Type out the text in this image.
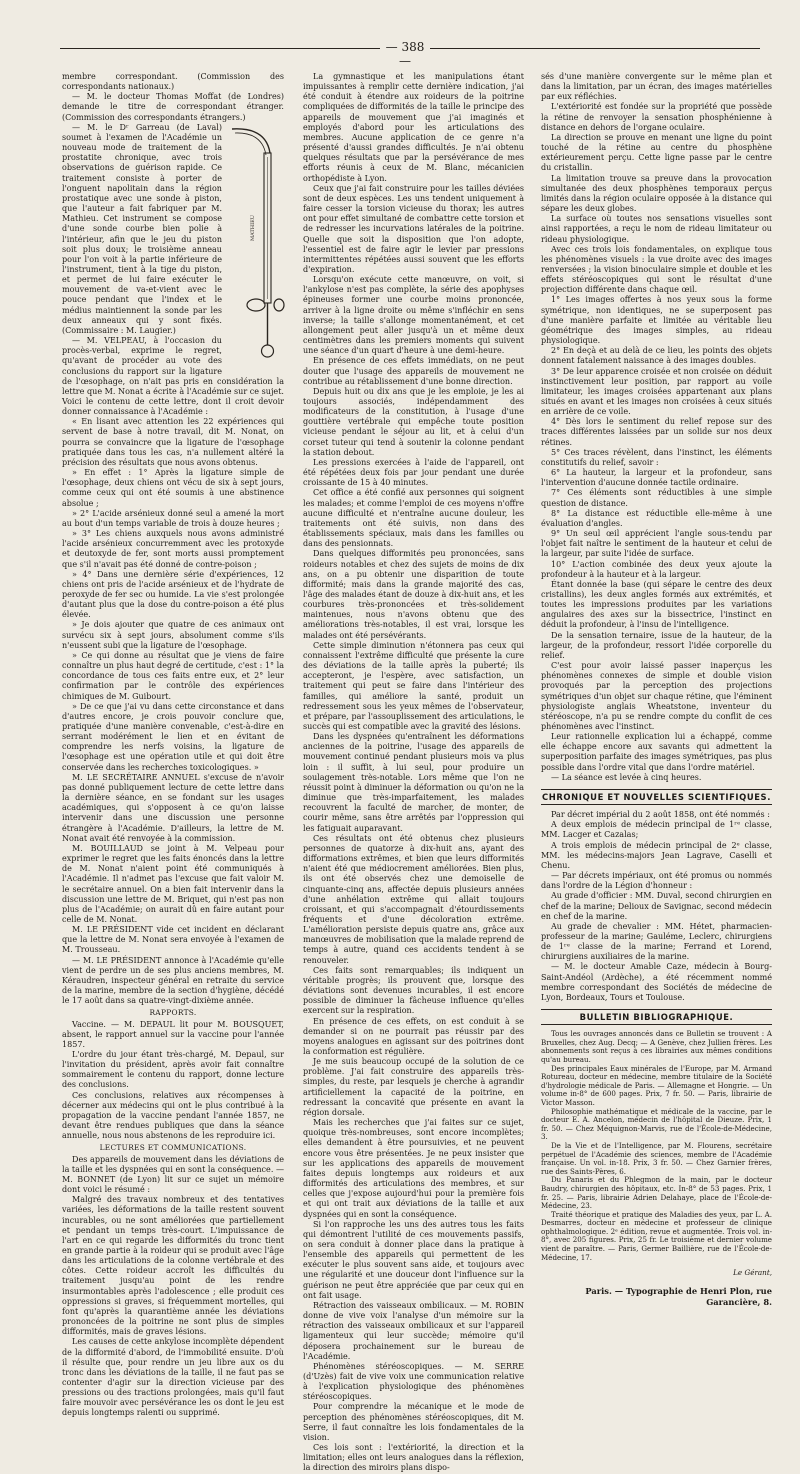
— 388 —

membre correspondant. (Commission des correspondants nationaux.)

— M. le docteur Thomas Moffat (de Londres) demande le titre de correspondant étranger. (Commission des correspondants étrangers.)

MATHIEU

— M. le Dʳ Garreau (de Laval) soumet à l'examen de l'Académie un nouveau mode de traitement de la prostatite chronique, avec trois observations de guérison rapide. Ce traitement consiste à porter de l'onguent napolitain dans la région prostatique avec une sonde à piston, que l'auteur a fait fabriquer par M. Mathieu. Cet instrument se compose d'une sonde courbe bien polie à l'intérieur, afin que le jeu du piston soit plus doux; le troisième anneau pour l'on voit à la partie inférieure de l'instrument, tient à la tige du piston, et permet de lui faire exécuter le mouvement de va-et-vient avec le pouce pendant que l'index et le médius maintiennent la sonde par les deux anneaux qui y sont fixés. (Commissaire : M. Laugier.)

— M. VELPEAU, à l'occasion du procès-verbal, exprime le regret, qu'avant de procéder au vote des conclusions du rapport sur la ligature de l'œsophage, on n'ait pas pris en considération la lettre que M. Nonat a écrite à l'Académie sur ce sujet. Voici le contenu de cette lettre, dont il croit devoir donner connaissance à l'Académie :

« En lisant avec attention les 22 expériences qui servent de base à notre travail, dit M. Nonat, on pourra se convaincre que la ligature de l'œsophage pratiquée dans tous les cas, n'a nullement altéré la précision des résultats que nous avons obtenus.

» En effet : 1° Après la ligature simple de l'œsophage, deux chiens ont vécu de six à sept jours, comme ceux qui ont été soumis à une abstinence absolue ;

» 2° L'acide arsénieux donné seul a amené la mort au bout d'un temps variable de trois à douze heures ;

» 3° Les chiens auxquels nous avons administré l'acide arsénieux concurremment avec les protoxyde et deutoxyde de fer, sont morts aussi promptement que s'il n'avait pas été donné de contre-poison ;

» 4° Dans une dernière série d'expériences, 12 chiens ont pris de l'acide arsénieux et de l'hydrate de peroxyde de fer sec ou humide. La vie s'est prolongée d'autant plus que la dose du contre-poison a été plus élevée.

» Je dois ajouter que quatre de ces animaux ont survécu six à sept jours, absolument comme s'ils n'eussent subi que la ligature de l'œsophage.

» Ce qui donne au résultat que je viens de faire connaître un plus haut degré de certitude, c'est : 1° la concordance de tous ces faits entre eux, et 2° leur confirmation par le contrôle des expériences chimiques de M. Guibourt.

» De ce que j'ai vu dans cette circonstance et dans d'autres encore, je crois pouvoir conclure que, pratiquée d'une manière convenable, c'est-à-dire en serrant modérément le lien et en évitant de comprendre les nerfs voisins, la ligature de l'œsophage est une opération utile et qui doit être conservée dans les recherches toxicologiques. »

M. LE SECRÉTAIRE ANNUEL s'excuse de n'avoir pas donné publiquement lecture de cette lettre dans la dernière séance, en se fondant sur les usages académiques, qui s'opposent à ce qu'on laisse intervenir dans une discussion une personne étrangère à l'Académie. D'ailleurs, la lettre de M. Nonat avait été renvoyée à la commission.

M. BOUILLAUD se joint à M. Velpeau pour exprimer le regret que les faits énoncés dans la lettre de M. Nonat n'aient point été communiqués à l'Académie. Il n'admet pas l'excuse que fait valoir M. le secrétaire annuel. On a bien fait intervenir dans la discussion une lettre de M. Briquet, qui n'est pas non plus de l'Académie; on aurait dû en faire autant pour celle de M. Nonat.

M. LE PRÉSIDENT vide cet incident en déclarant que la lettre de M. Nonat sera envoyée à l'examen de M. Trousseau.

— M. LE PRÉSIDENT annonce à l'Académie qu'elle vient de perdre un de ses plus anciens membres, M. Kéraudren, inspecteur général en retraite du service de la marine, membre de la section d'hygiène, décédé le 17 août dans sa quatre-vingt-dixième année.

RAPPORTS.

Vaccine. — M. DEPAUL lit pour M. BOUSQUET, absent, le rapport annuel sur la vaccine pour l'année 1857.

L'ordre du jour étant très-chargé, M. Depaul, sur l'invitation du président, après avoir fait connaître sommairement le contenu du rapport, donne lecture des conclusions.

Ces conclusions, relatives aux récompenses à décerner aux médecins qui ont le plus contribué à la propagation de la vaccine pendant l'année 1857, ne devant être rendues publiques que dans la séance annuelle, nous nous abstenons de les reproduire ici.

LECTURES ET COMMUNICATIONS.

Des appareils de mouvement dans les déviations de la taille et les dyspnées qui en sont la conséquence. — M. BONNET (de Lyon) lit sur ce sujet un mémoire dont voici le résumé :

Malgré des travaux nombreux et des tentatives variées, les déformations de la taille restent souvent incurables, ou ne sont améliorées que partiellement et pendant un temps très-court. L'impuissance de l'art en ce qui regarde les difformités du tronc tient en grande partie à la roideur qui se produit avec l'âge dans les articulations de la colonne vertébrale et des côtes. Cette roideur accroît les difficultés du traitement jusqu'au point de les rendre insurmontables après l'adolescence ; elle produit ces oppressions si graves, si fréquemment mortelles, qui font qu'après la quarantième année les déviations prononcées de la poitrine ne sont plus de simples difformités, mais de graves lésions.

Les causes de cette ankylose incomplète dépendent de la difformité d'abord, de l'immobilité ensuite. D'où il résulte que, pour rendre un jeu libre aux os du tronc dans les déviations de la taille, il ne faut pas se contenter d'agir sur la direction vicieuse par des pressions ou des tractions prolongées, mais qu'il faut faire mouvoir avec persévérance les os dont le jeu est depuis longtemps ralenti ou supprimé.

La gymnastique et les manipulations étant impuissantes à remplir cette dernière indication, j'ai été conduit à étendre aux roideurs de la poitrine compliquées de difformités de la taille le principe des appareils de mouvement que j'ai imaginés et employés d'abord pour les articulations des membres. Aucune application de ce genre n'a présenté d'aussi grandes difficultés. Je n'ai obtenu quelques résultats que par la persévérance de mes efforts réunis à ceux de M. Blanc, mécanicien orthopédiste à Lyon.

Ceux que j'ai fait construire pour les tailles déviées sont de deux espèces. Les uns tendent uniquement à faire cesser la torsion vicieuse du thorax; les autres ont pour effet simultané de combattre cette torsion et de redresser les incurvations latérales de la poitrine. Quelle que soit la disposition que l'on adopte, l'essentiel est de faire agir le levier par pressions intermittentes répétées aussi souvent que les efforts d'expiration.

Lorsqu'on exécute cette manœuvre, on voit, si l'ankylose n'est pas complète, la série des apophyses épineuses former une courbe moins prononcée, arriver à la ligne droite ou même s'infléchir en sens inverse; la taille s'allonge momentanément, et cet allongement peut aller jusqu'à un et même deux centimètres dans les premiers moments qui suivent une séance d'un quart d'heure à une demi-heure.

En présence de ces effets immédiats, on ne peut douter que l'usage des appareils de mouvement ne contribue au rétablissement d'une bonne direction.

Depuis huit ou dix ans que je les emploie, je les ai toujours associés, indépendamment des modificateurs de la constitution, à l'usage d'une gouttière vertébrale qui empêche toute position vicieuse pendant le séjour au lit, et à celui d'un corset tuteur qui tend à soutenir la colonne pendant la station debout.

Les pressions exercées à l'aide de l'appareil, ont été répétées deux fois par jour pendant une durée croissante de 15 à 40 minutes.

Cet office a été confié aux personnes qui soignent les malades; et comme l'emploi de ces moyens n'offre aucune difficulté et n'entraîne aucune douleur, les traitements ont été suivis, non dans des établissements spéciaux, mais dans les familles ou dans des pensionnats.

Dans quelques difformités peu prononcées, sans roideurs notables et chez des sujets de moins de dix ans, on a pu obtenir une disparition de toute difformité; mais dans la grande majorité des cas, l'âge des malades étant de douze à dix-huit ans, et les courbures très-prononcées et très-solidement maintenues, nous n'avons obtenu que des améliorations très-notables, il est vrai, lorsque les malades ont été persévérants.

Cette simple diminution n'étonnera pas ceux qui connaissent l'extrême difficulté que présente la cure des déviations de la taille après la puberté; ils accepteront, je l'espère, avec satisfaction, un traitement qui peut se faire dans l'intérieur des familles, qui améliore la santé, produit un redressement sous les yeux mêmes de l'observateur, et prépare, par l'assouplissement des articulations, le succès qui est compatible avec la gravité des lésions.

Dans les dyspnées qu'entraînent les déformations anciennes de la poitrine, l'usage des appareils de mouvement continué pendant plusieurs mois va plus loin : il suffit, à lui seul, pour produire un soulagement très-notable. Lors même que l'on ne réussit point à diminuer la déformation ou qu'on ne la diminue que très-imparfaitement, les malades recouvrent la faculté de marcher, de monter, de courir même, sans être arrêtés par l'oppression qui les fatiguait auparavant.

Ces résultats ont été obtenus chez plusieurs personnes de quatorze à dix-huit ans, ayant des difformations extrêmes, et bien que leurs difformités n'aient été que médiocrement améliorées. Bien plus, ils ont été observés chez une demoiselle de cinquante-cinq ans, affectée depuis plusieurs années d'une anhélation extrême qui allait toujours croissant, et qui s'accompagnait d'étourdissements fréquents et d'une décoloration extrême. L'amélioration persiste depuis quatre ans, grâce aux manœuvres de mobilisation que la malade reprend de temps à autre, quand ces accidents tendent à se renouveler.

Ces faits sont remarquables; ils indiquent un véritable progrès; ils prouvent que, lorsque des déviations sont devenues incurables, il est encore possible de diminuer la fâcheuse influence qu'elles exercent sur la respiration.

En présence de ces effets, on est conduit à se demander si on ne pourrait pas réussir par des moyens analogues en agissant sur des poitrines dont la conformation est régulière.

Je me suis beaucoup occupé de la solution de ce problème. J'ai fait construire des appareils très-simples, du reste, par lesquels je cherche à agrandir artificiellement la capacité de la poitrine, en redressant la concavité que présente en avant la région dorsale.

Mais les recherches que j'ai faites sur ce sujet, quoique très-nombreuses, sont encore incomplètes; elles demandent à être poursuivies, et ne peuvent encore vous être présentées. Je ne peux insister que sur les applications des appareils de mouvement faites depuis longtemps aux roideurs et aux difformités des articulations des membres, et sur celles que j'expose aujourd'hui pour la première fois et qui ont trait aux déviations de la taille et aux dyspnées qui en sont la conséquence.

Si l'on rapproche les uns des autres tous les faits qui démontrent l'utilité de ces mouvements passifs, on sera conduit à donner place dans la pratique à l'ensemble des appareils qui permettent de les exécuter le plus souvent sans aide, et toujours avec une régularité et une douceur dont l'influence sur la guérison ne peut être appréciée que par ceux qui en ont fait usage.

Rétraction des vaisseaux ombilicaux. — M. ROBIN donne de vive voix l'analyse d'un mémoire sur la rétraction des vaisseaux ombilicaux et sur l'appareil ligamenteux qui leur succède; mémoire qu'il déposera prochainement sur le bureau de l'Académie.

Phénomènes stéréoscopiques. — M. SERRE (d'Uzès) fait de vive voix une communication relative à l'explication physiologique des phénomènes stéréoscopiques.

Pour comprendre la mécanique et le mode de perception des phénomènes stéréoscopiques, dit M. Serre, il faut connaître les lois fondamentales de la vision.

Ces lois sont : l'extériorité, la direction et la limitation; elles ont leurs analogues dans la réflexion, la direction des miroirs plans dispo-

sés d'une manière convergente sur le même plan et dans la limitation, par un écran, des images matérielles par eux réfléchies.

L'extériorité est fondée sur la propriété que possède la rétine de renvoyer la sensation phosphénienne à distance en dehors de l'organe oculaire.

La direction se prouve en menant une ligne du point touché de la rétine au centre du phosphène extérieurement perçu. Cette ligne passe par le centre du cristallin.

La limitation trouve sa preuve dans la provocation simultanée des deux phosphènes temporaux perçus limités dans la région oculaire opposée à la distance qui sépare les deux globes.

La surface où toutes nos sensations visuelles sont ainsi rapportées, a reçu le nom de rideau limitateur ou rideau physiologique.

Avec ces trois lois fondamentales, on explique tous les phénomènes visuels : la vue droite avec des images renversées ; la vision binoculaire simple et double et les effets stéréoscopiques qui sont le résultat d'une projection différente dans chaque œil.

1° Les images offertes à nos yeux sous la forme symétrique, non identiques, ne se superposent pas d'une manière parfaite et limitée au véritable lieu géométrique des images simples, au rideau physiologique.

2° En deçà et au delà de ce lieu, les points des objets donnent fatalement naissance à des images doubles.

3° De leur apparence croisée et non croisée on déduit instinctivement leur position, par rapport au voile limitateur, les images croisées appartenant aux plans situés en avant et les images non croisées à ceux situés en arrière de ce voile.

4° Dès lors le sentiment du relief repose sur des traces différentes laissées par un solide sur nos deux rétines.

5° Ces traces révèlent, dans l'instinct, les éléments constitutifs du relief, savoir :

6° La hauteur, la largeur et la profondeur, sans l'intervention d'aucune donnée tactile ordinaire.

7° Ces éléments sont réductibles à une simple question de distance.

8° La distance est réductible elle-même à une évaluation d'angles.

9° Un seul œil apprécient l'angle sous-tendu par l'objet fait naître le sentiment de la hauteur et celui de la largeur, par suite l'idée de surface.

10° L'action combinée des deux yeux ajoute la profondeur à la hauteur et à la largeur.

Étant donnée la base (qui sépare le centre des deux cristallins), les deux angles formés aux extrémités, et toutes les impressions produites par les variations angulaires des axes sur la bissectrice, l'instinct en déduit la profondeur, à l'insu de l'intelligence.

De la sensation ternaire, issue de la hauteur, de la largeur, de la profondeur, ressort l'idée corporelle du relief.

C'est pour avoir laissé passer inaperçus les phénomènes connexes de simple et double vision provoqués par la perception des projections symétriques d'un objet sur chaque rétine, que l'éminent physiologiste anglais Wheatstone, inventeur du stéréoscope, n'a pu se rendre compte du conflit de ces phénomènes avec l'instinct.

Leur rationnelle explication lui a échappé, comme elle échappe encore aux savants qui admettent la superposition parfaite des images symétriques, pas plus possible dans l'ordre vital que dans l'ordre matériel.

— La séance est levée à cinq heures.

CHRONIQUE ET NOUVELLES SCIENTIFIQUES.

Par décret impérial du 2 août 1858, ont été nommés :

A deux emplois de médecin principal de 1ʳᵉ classe, MM. Lacger et Cazalas;

A trois emplois de médecin principal de 2ᵉ classe, MM. les médecins-majors Jean Lagrave, Caselli et Chenu.

— Par décrets impériaux, ont été promus ou nommés dans l'ordre de la Légion d'honneur :

Au grade d'officier : MM. Duval, second chirurgien en chef de la marine; Delioux de Savignac, second médecin en chef de la marine.

Au grade de chevalier : MM. Hétet, pharmacien-professeur de la marine; Gauléme, Leclerc, chirurgiens de 1ʳᵉ classe de la marine; Ferrand et Lorend, chirurgiens auxiliaires de la marine.

— M. le docteur Amable Caze, médecin à Bourg-Saint-Andéol (Ardèche), a été récemment nommé membre correspondant des Sociétés de médecine de Lyon, Bordeaux, Tours et Toulouse.

BULLETIN BIBLIOGRAPHIQUE.

Tous les ouvrages annoncés dans ce Bulletin se trouvent : A Bruxelles, chez Aug. Decq; — A Genève, chez Jullien frères. Les abonnements sont reçus à ces librairies aux mêmes conditions qu'au bureau.

Des principales Eaux minérales de l'Europe, par M. Armand Rotureau, docteur en médecine, membre titulaire de la Société d'hydrologie médicale de Paris. — Allemagne et Hongrie. — Un volume in-8° de 600 pages. Prix, 7 fr. 50. — Paris, librairie de Victor Masson.

Philosophie mathématique et médicale de la vaccine, par le docteur E. A. Ancelon, médecin de l'hôpital de Dieuze. Prix, 1 fr. 50. — Chez Méquignon-Marvis, rue de l'École-de-Médecine, 3.

De la Vie et de l'Intelligence, par M. Flourens, secrétaire perpétuel de l'Académie des sciences, membre de l'Académie française. Un vol. in-18. Prix, 3 fr. 50. — Chez Garnier frères, rue des Saints-Pères, 6.

Du Panaris et du Phlegmon de la main, par le docteur Baudry, chirurgien des hôpitaux, etc. In-8° de 53 pages. Prix, 1 fr. 25. — Paris, librairie Adrien Delahaye, place de l'École-de-Médecine, 23.

Traité théorique et pratique des Maladies des yeux, par L. A. Desmarres, docteur en médecine et professeur de clinique ophthalmologique. 2ᵉ édition, revue et augmentée. Trois vol. in-8°, avec 205 figures. Prix, 25 fr. Le troisième et dernier volume vient de paraître. — Paris, Germer Baillière, rue de l'École-de-Médecine, 17.

Le Gérant,
Paris. — Typographie de Henri Plon, rue Garancière, 8.
